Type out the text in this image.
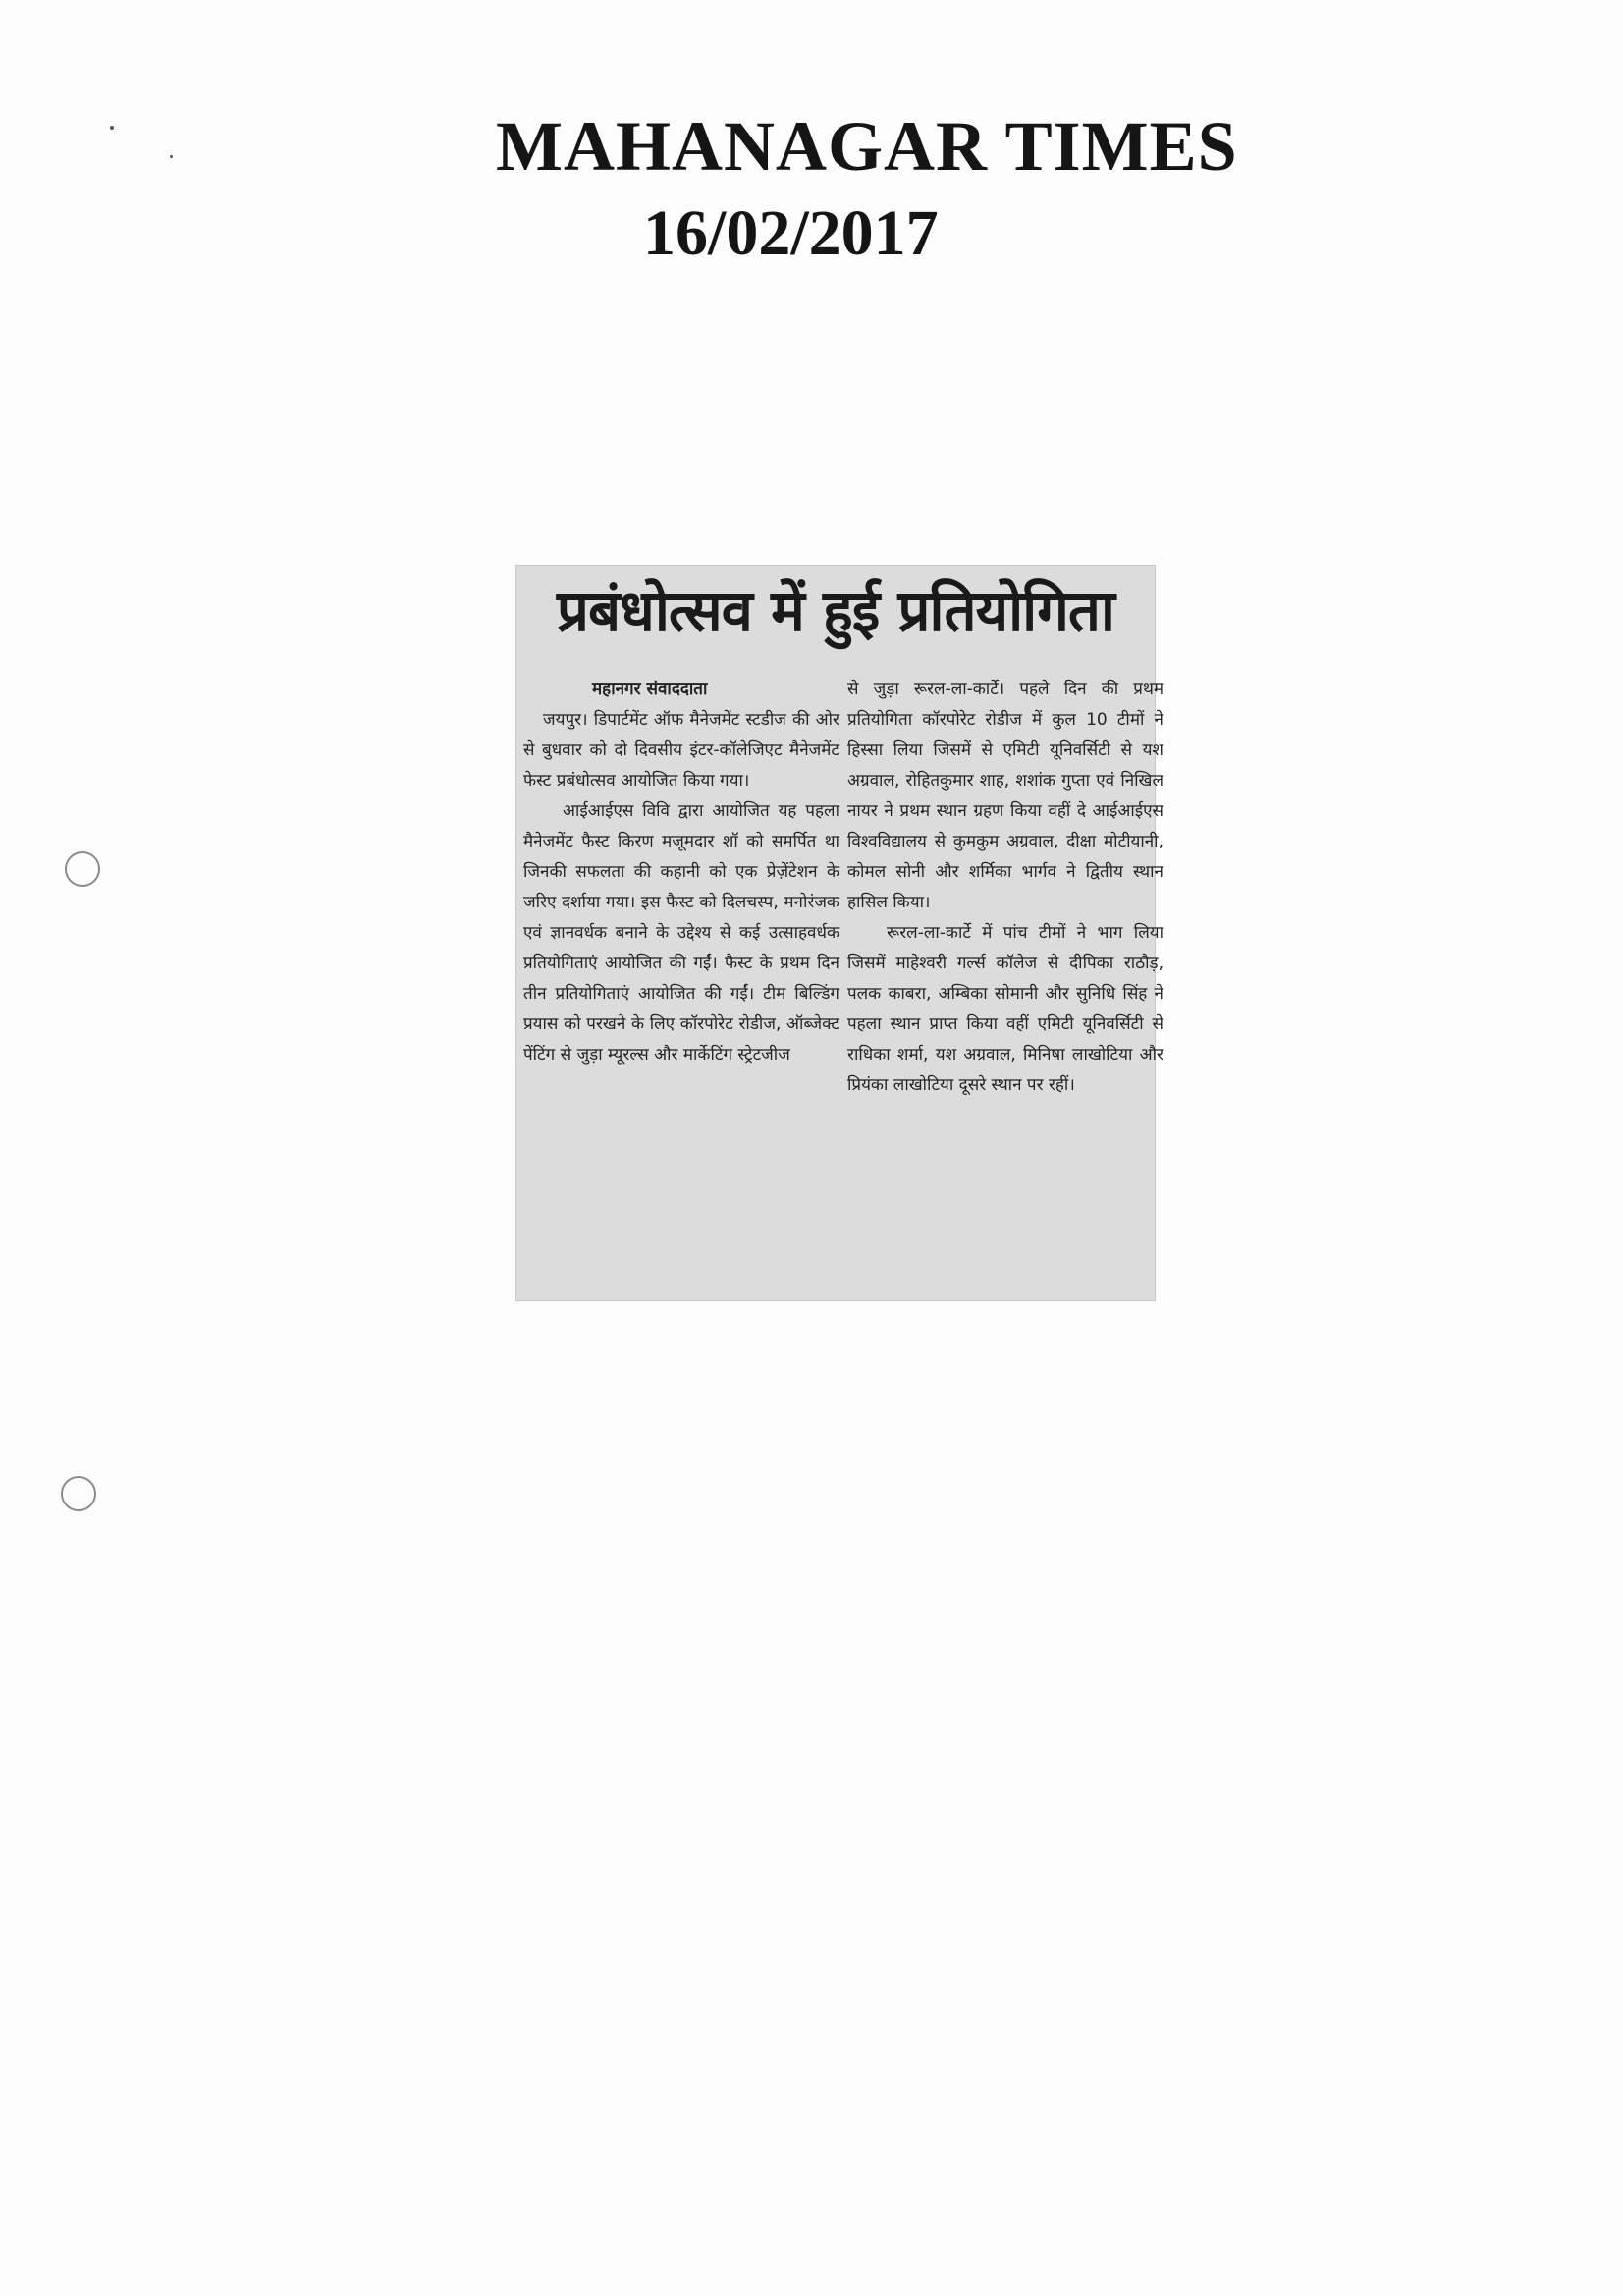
MAHANAGAR TIMES
16/02/2017
प्रबंधोत्सव में हुई प्रतियोगिता
महानगर संवाददाता

जयपुर। डिपार्टमेंट ऑफ मैनेजमेंट स्टडीज की ओर से बुधवार को दो दिवसीय इंटर-कॉलेजिएट मैनेजमेंट फेस्ट प्रबंधोत्सव आयोजित किया गया।

आईआईएस विवि द्वारा आयोजित यह पहला मैनेजमेंट फैस्ट किरण मजूमदार शॉ को समर्पित था जिनकी सफलता की कहानी को एक प्रेज़ेंटेशन के जरिए दर्शाया गया। इस फैस्ट को दिलचस्प, मनोरंजक एवं ज्ञानवर्धक बनाने के उद्देश्य से कई उत्साहवर्धक प्रतियोगिताएं आयोजित की गईं। फैस्ट के प्रथम दिन तीन प्रतियोगिताएं आयोजित की गईं। टीम बिल्डिंग प्रयास को परखने के लिए कॉरपोरेट रोडीज, ऑब्जेक्ट पेंटिंग से जुड़ा म्यूरल्स और मार्केटिंग स्ट्रेटजीज

से जुड़ा रूरल-ला-कार्टे। पहले दिन की प्रथम प्रतियोगिता कॉरपोरेट रोडीज में कुल 10 टीमों ने हिस्सा लिया जिसमें से एमिटी यूनिवर्सिटी से यश अग्रवाल, रोहितकुमार शाह, शशांक गुप्ता एवं निखिल नायर ने प्रथम स्थान ग्रहण किया वहीं दे आईआईएस विश्वविद्यालय से कुमकुम अग्रवाल, दीक्षा मोटीयानी, कोमल सोनी और शर्मिका भार्गव ने द्वितीय स्थान हासिल किया।

रूरल-ला-कार्टे में पांच टीमों ने भाग लिया जिसमें माहेश्वरी गर्ल्स कॉलेज से दीपिका राठौड़, पलक काबरा, अम्बिका सोमानी और सुनिधि सिंह ने पहला स्थान प्राप्त किया वहीं एमिटी यूनिवर्सिटी से राधिका शर्मा, यश अग्रवाल, मिनिषा लाखोटिया और प्रियंका लाखोटिया दूसरे स्थान पर रहीं।
